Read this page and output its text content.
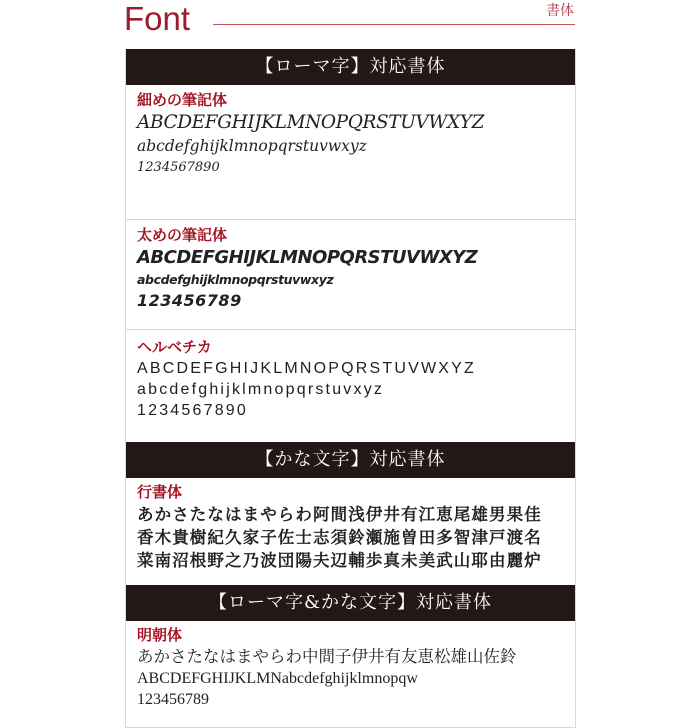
Font	書体
【ローマ字】対応書体
細めの筆記体
ABCDEFGHIJKLMNOPQRSTUVWXYZ
abcdefghijklmnopqrstuvwxyz
1234567890
太めの筆記体
ABCDEFGHIJKLMNOPQRSTUVWXYZ
abcdefghijklmnopqrstuvwxyz
123456789
ヘルベチカ
ABCDEFGHIJKLMNOPQRSTUVWXYZ
abcdefghijklmnopqrstuvxyz
1234567890
【かな文字】対応書体
行書体
あかさたなはまやらわ阿間浅伊井有江恵尾雄男果佳
香木貴樹紀久家子佐士志須鈴瀬施曽田多智津戸渡名
菜南沼根野之乃波団陽夫辺輔歩真未美武山耶由麗炉
【ローマ字&かな文字】対応書体
明朝体
あかさたなはまやらわ中間子伊井有友恵松雄山佐鈴
ABCDEFGHIJKLMNabcdefghijklmnopqw
123456789
